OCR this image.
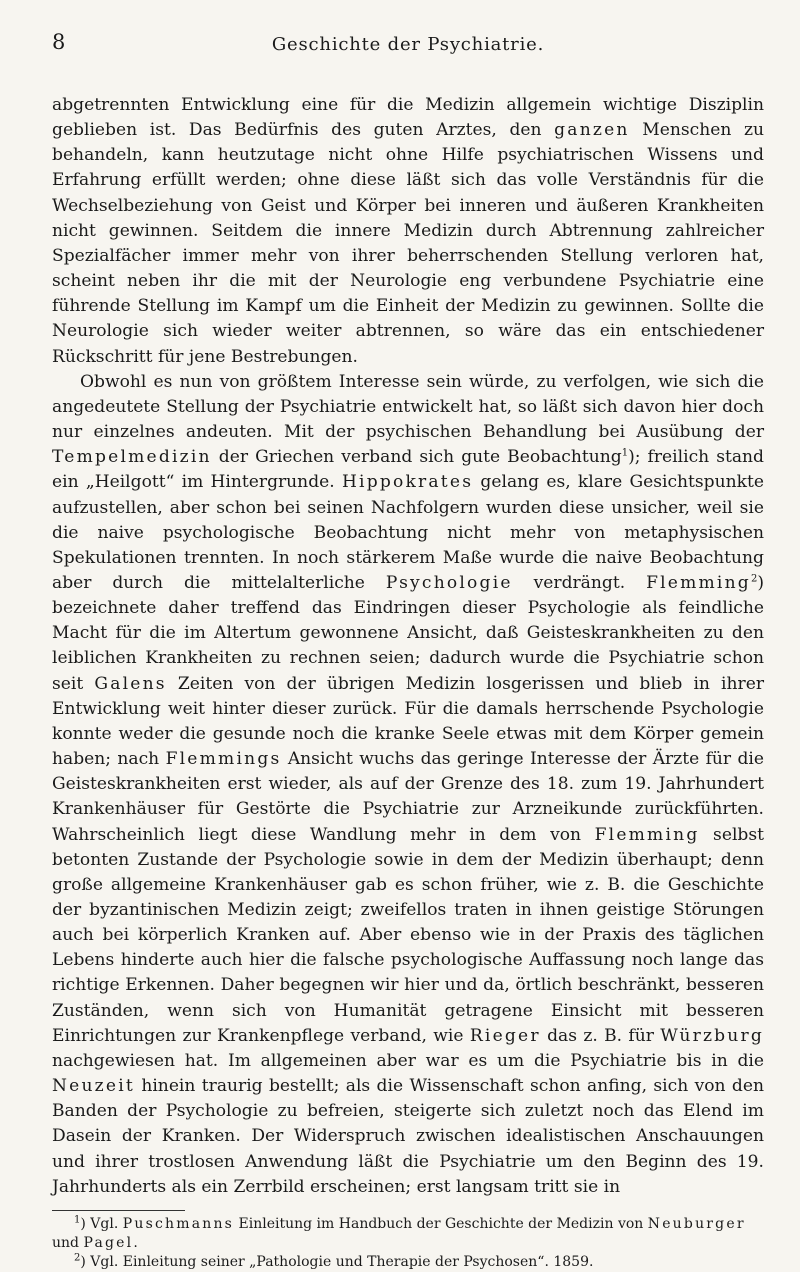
8	Geschichte der Psychiatrie.

abgetrennten Entwicklung eine für die Medizin allgemein wichtige Disziplin geblieben ist. Das Bedürfnis des guten Arztes, den ganzen Menschen zu behandeln, kann heutzutage nicht ohne Hilfe psychiatrischen Wissens und Erfahrung erfüllt werden; ohne diese läßt sich das volle Verständnis für die Wechselbeziehung von Geist und Körper bei inneren und äußeren Krankheiten nicht gewinnen. Seitdem die innere Medizin durch Abtrennung zahlreicher Spezialfächer immer mehr von ihrer beherrschenden Stellung verloren hat, scheint neben ihr die mit der Neurologie eng verbundene Psychiatrie eine führende Stellung im Kampf um die Einheit der Medizin zu gewinnen. Sollte die Neurologie sich wieder weiter abtrennen, so wäre das ein entschiedener Rückschritt für jene Bestrebungen.

Obwohl es nun von größtem Interesse sein würde, zu verfolgen, wie sich die angedeutete Stellung der Psychiatrie entwickelt hat, so läßt sich davon hier doch nur einzelnes andeuten. Mit der psychischen Behandlung bei Ausübung der Tempelmedizin der Griechen verband sich gute Beobachtung$^1$); freilich stand ein „Heilgott“ im Hintergrunde. Hippokrates gelang es, klare Gesichtspunkte aufzustellen, aber schon bei seinen Nachfolgern wurden diese unsicher, weil sie die naive psychologische Beobachtung nicht mehr von metaphysischen Spekulationen trennten. In noch stärkerem Maße wurde die naive Beobachtung aber durch die mittelalterliche Psychologie verdrängt. Flemming$^2$) bezeichnete daher treffend das Eindringen dieser Psychologie als feindliche Macht für die im Altertum gewonnene Ansicht, daß Geisteskrankheiten zu den leiblichen Krankheiten zu rechnen seien; dadurch wurde die Psychiatrie schon seit Galens Zeiten von der übrigen Medizin losgerissen und blieb in ihrer Entwicklung weit hinter dieser zurück. Für die damals herrschende Psychologie konnte weder die gesunde noch die kranke Seele etwas mit dem Körper gemein haben; nach Flemmings Ansicht wuchs das geringe Interesse der Ärzte für die Geisteskrankheiten erst wieder, als auf der Grenze des 18. zum 19. Jahrhundert Krankenhäuser für Gestörte die Psychiatrie zur Arzneikunde zurückführten. Wahrscheinlich liegt diese Wandlung mehr in dem von Flemming selbst betonten Zustande der Psychologie sowie in dem der Medizin überhaupt; denn große allgemeine Krankenhäuser gab es schon früher, wie z. B. die Geschichte der byzantinischen Medizin zeigt; zweifellos traten in ihnen geistige Störungen auch bei körperlich Kranken auf. Aber ebenso wie in der Praxis des täglichen Lebens hinderte auch hier die falsche psychologische Auffassung noch lange das richtige Erkennen. Daher begegnen wir hier und da, örtlich beschränkt, besseren Zuständen, wenn sich von Humanität getragene Einsicht mit besseren Einrichtungen zur Krankenpflege verband, wie Rieger das z. B. für Würzburg nachgewiesen hat. Im allgemeinen aber war es um die Psychiatrie bis in die Neuzeit hinein traurig bestellt; als die Wissenschaft schon anfing, sich von den Banden der Psychologie zu befreien, steigerte sich zuletzt noch das Elend im Dasein der Kranken. Der Widerspruch zwischen idealistischen Anschauungen und ihrer trostlosen Anwendung läßt die Psychiatrie um den Beginn des 19. Jahrhunderts als ein Zerrbild erscheinen; erst langsam tritt sie in

$^1$) Vgl. Puschmanns Einleitung im Handbuch der Geschichte der Medizin von Neuburger und Pagel.

$^2$) Vgl. Einleitung seiner „Pathologie und Therapie der Psychosen“. 1859.
